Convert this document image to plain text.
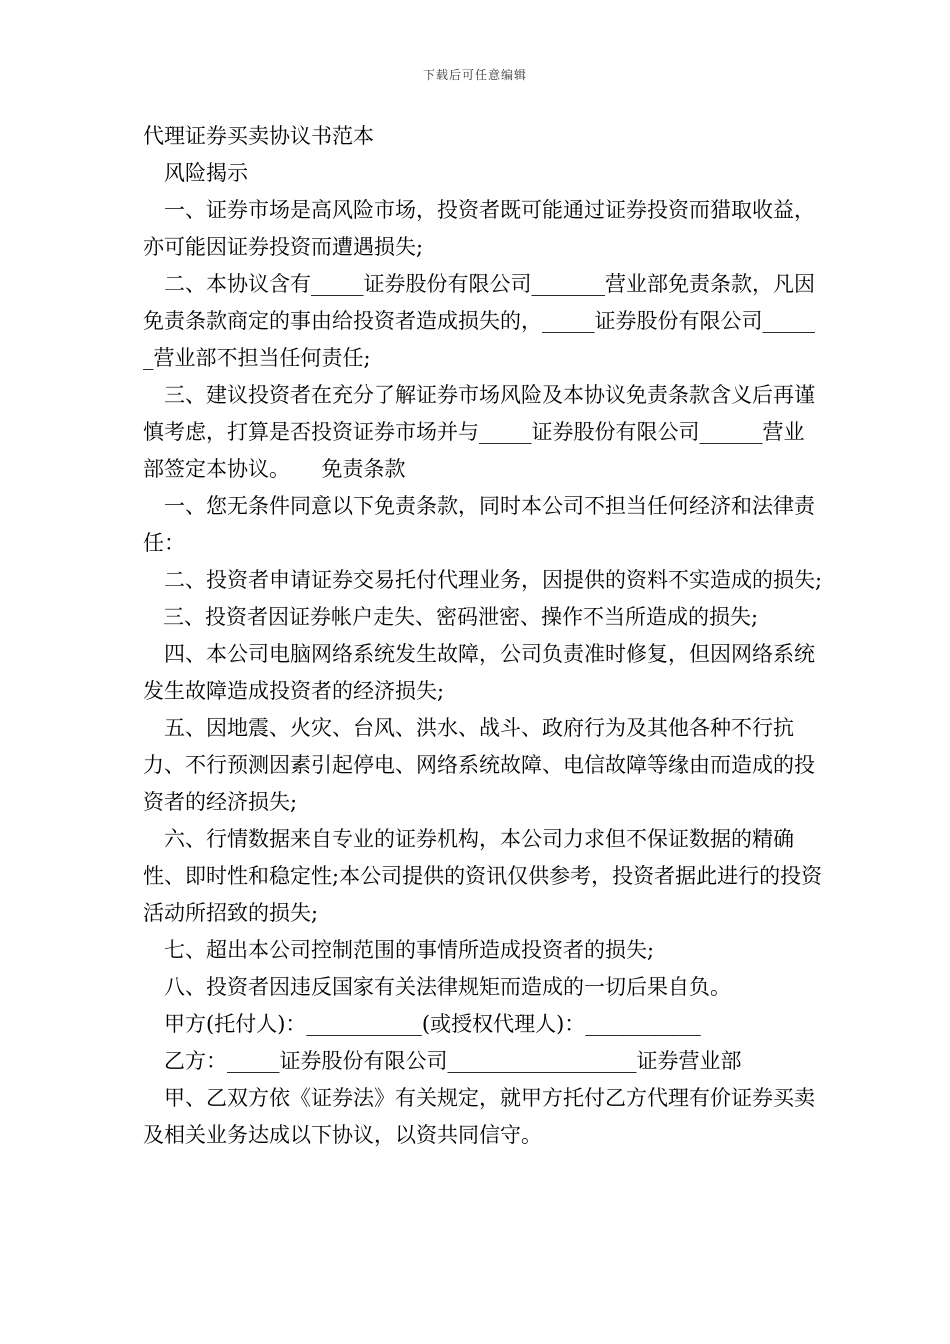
下载后可任意编辑

代理证券买卖协议书范本

风险揭示

一、证券市场是高风险市场，投资者既可能通过证券投资而猎取收益，亦可能因证券投资而遭遇损失;

二、本协议含有_____证券股份有限公司_______营业部免责条款，凡因免责条款商定的事由给投资者造成损失的，_____证券股份有限公司______营业部不担当任何责任;

三、建议投资者在充分了解证券市场风险及本协议免责条款含义后再谨慎考虑，打算是否投资证券市场并与_____证券股份有限公司______营业部签定本协议。　　免责条款

一、您无条件同意以下免责条款，同时本公司不担当任何经济和法律责任：

二、投资者申请证券交易托付代理业务，因提供的资料不实造成的损失;

三、投资者因证券帐户走失、密码泄密、操作不当所造成的损失;

四、本公司电脑网络系统发生故障，公司负责准时修复，但因网络系统发生故障造成投资者的经济损失;

五、因地震、火灾、台风、洪水、战斗、政府行为及其他各种不行抗力、不行预测因素引起停电、网络系统故障、电信故障等缘由而造成的投资者的经济损失;

六、行情数据来自专业的证券机构，本公司力求但不保证数据的精确性、即时性和稳定性;本公司提供的资讯仅供参考，投资者据此进行的投资活动所招致的损失;

七、超出本公司控制范围的事情所造成投资者的损失;

八、投资者因违反国家有关法律规矩而造成的一切后果自负。

甲方(托付人)：___________(或授权代理人)：___________

乙方：_____证券股份有限公司__________________证券营业部

甲、乙双方依《证券法》有关规定，就甲方托付乙方代理有价证券买卖及相关业务达成以下协议，以资共同信守。
